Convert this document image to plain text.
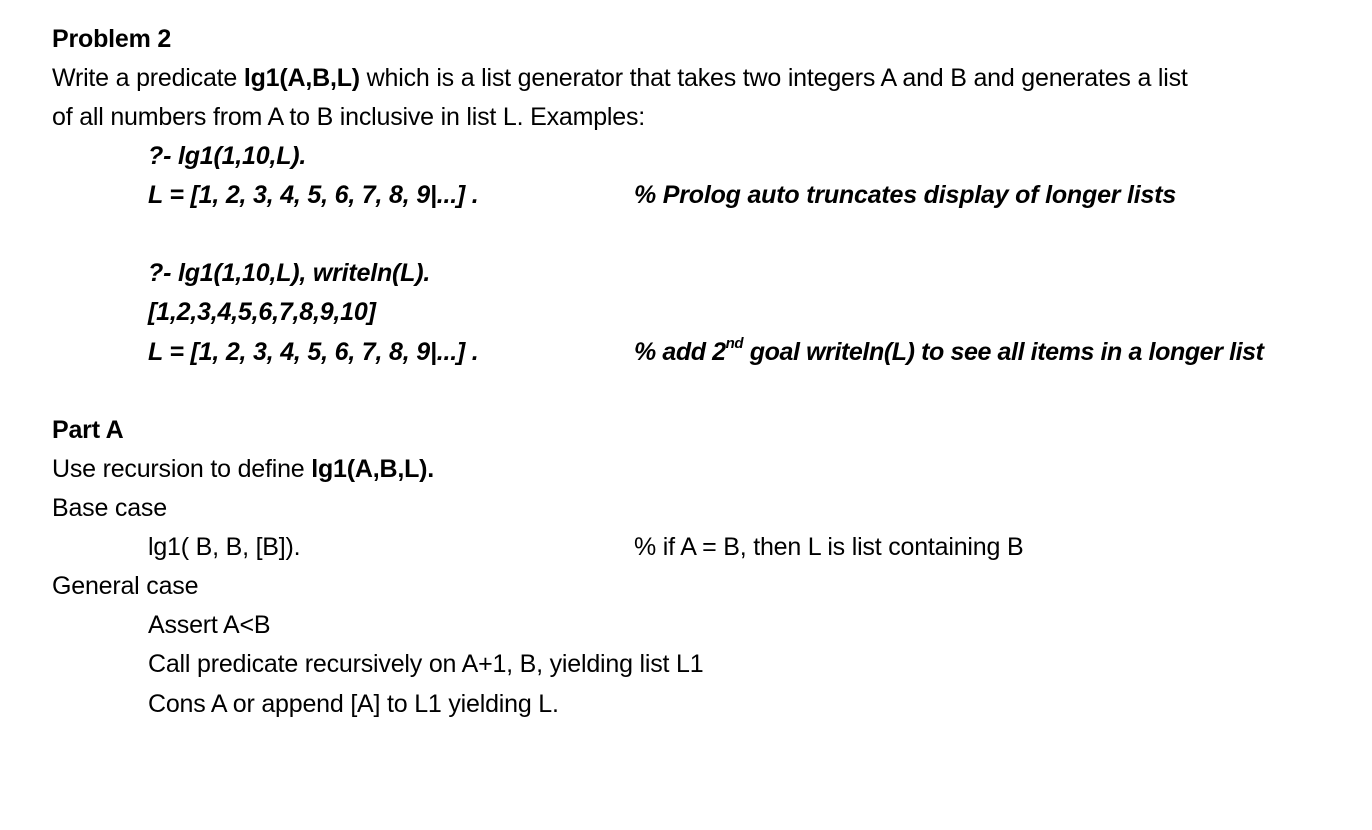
Problem 2
Write a predicate lg1(A,B,L) which is a list generator that takes two integers A and B and generates a list
of all numbers from A to B inclusive in list L. Examples:
?- lg1(1,10,L).
L = [1, 2, 3, 4, 5, 6, 7, 8, 9|...] .	% Prolog auto truncates display of longer lists
?- lg1(1,10,L), writeln(L).
[1,2,3,4,5,6,7,8,9,10]
L = [1, 2, 3, 4, 5, 6, 7, 8, 9|...] .	% add 2nd goal writeln(L) to see all items in a longer list
Part A
Use recursion to define lg1(A,B,L).
Base case
lg1( B, B, [B]).	% if A = B, then L is list containing B
General case
Assert A<B
Call predicate recursively on A+1, B, yielding list L1
Cons A or append [A] to L1 yielding L.
